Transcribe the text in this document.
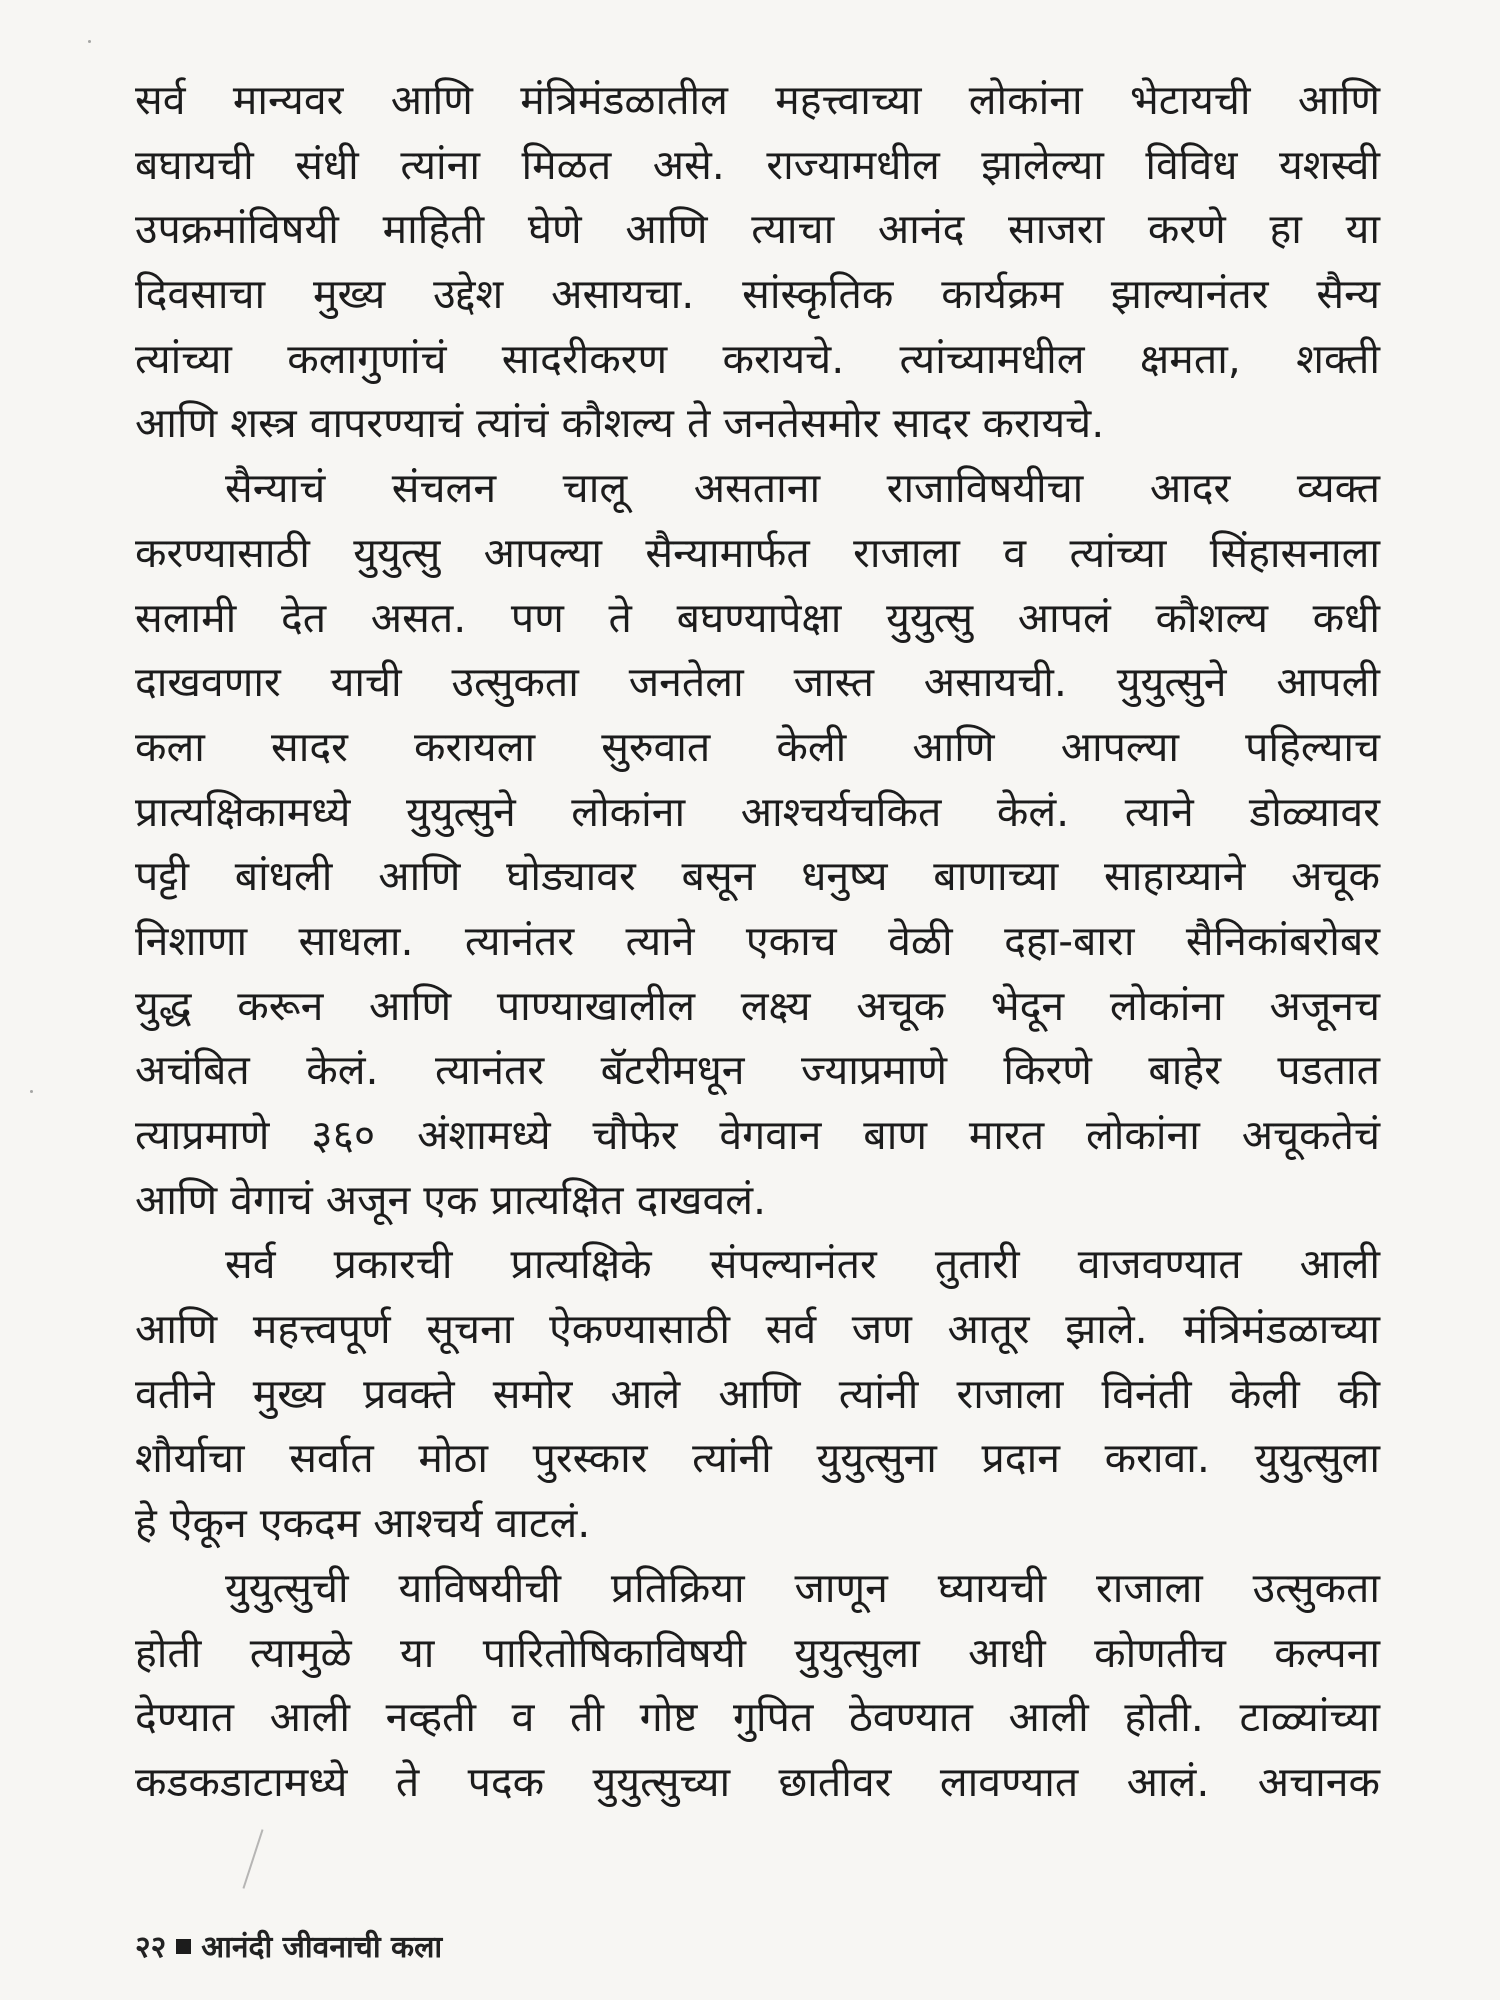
सर्व मान्यवर आणि मंत्रिमंडळातील महत्त्वाच्या लोकांना भेटायची आणि
बघायची संधी त्यांना मिळत असे. राज्यामधील झालेल्या विविध यशस्वी
उपक्रमांविषयी माहिती घेणे आणि त्याचा आनंद साजरा करणे हा या
दिवसाचा मुख्य उद्देश असायचा. सांस्कृतिक कार्यक्रम झाल्यानंतर सैन्य
त्यांच्या कलागुणांचं सादरीकरण करायचे. त्यांच्यामधील क्षमता, शक्ती
आणि शस्त्र वापरण्याचं त्यांचं कौशल्य ते जनतेसमोर सादर करायचे.
सैन्याचं संचलन चालू असताना राजाविषयीचा आदर व्यक्त
करण्यासाठी युयुत्सु आपल्या सैन्यामार्फत राजाला व त्यांच्या सिंहासनाला
सलामी देत असत. पण ते बघण्यापेक्षा युयुत्सु आपलं कौशल्य कधी
दाखवणार याची उत्सुकता जनतेला जास्त असायची. युयुत्सुने आपली
कला सादर करायला सुरुवात केली आणि आपल्या पहिल्याच
प्रात्यक्षिकामध्ये युयुत्सुने लोकांना आश्चर्यचकित केलं. त्याने डोळ्यावर
पट्टी बांधली आणि घोड्यावर बसून धनुष्य बाणाच्या साहाय्याने अचूक
निशाणा साधला. त्यानंतर त्याने एकाच वेळी दहा-बारा सैनिकांबरोबर
युद्ध करून आणि पाण्याखालील लक्ष्य अचूक भेदून लोकांना अजूनच
अचंबित केलं. त्यानंतर बॅटरीमधून ज्याप्रमाणे किरणे बाहेर पडतात
त्याप्रमाणे ३६० अंशामध्ये चौफेर वेगवान बाण मारत लोकांना अचूकतेचं
आणि वेगाचं अजून एक प्रात्यक्षित दाखवलं.
सर्व प्रकारची प्रात्यक्षिके संपल्यानंतर तुतारी वाजवण्यात आली
आणि महत्त्वपूर्ण सूचना ऐकण्यासाठी सर्व जण आतूर झाले. मंत्रिमंडळाच्या
वतीने मुख्य प्रवक्ते समोर आले आणि त्यांनी राजाला विनंती केली की
शौर्याचा सर्वात मोठा पुरस्कार त्यांनी युयुत्सुना प्रदान करावा. युयुत्सुला
हे ऐकून एकदम आश्चर्य वाटलं.
युयुत्सुची याविषयीची प्रतिक्रिया जाणून घ्यायची राजाला उत्सुकता
होती त्यामुळे या पारितोषिकाविषयी युयुत्सुला आधी कोणतीच कल्पना
देण्यात आली नव्हती व ती गोष्ट गुपित ठेवण्यात आली होती. टाळ्यांच्या
कडकडाटामध्ये ते पदक युयुत्सुच्या छातीवर लावण्यात आलं. अचानक
२२ आनंदी जीवनाची कला
